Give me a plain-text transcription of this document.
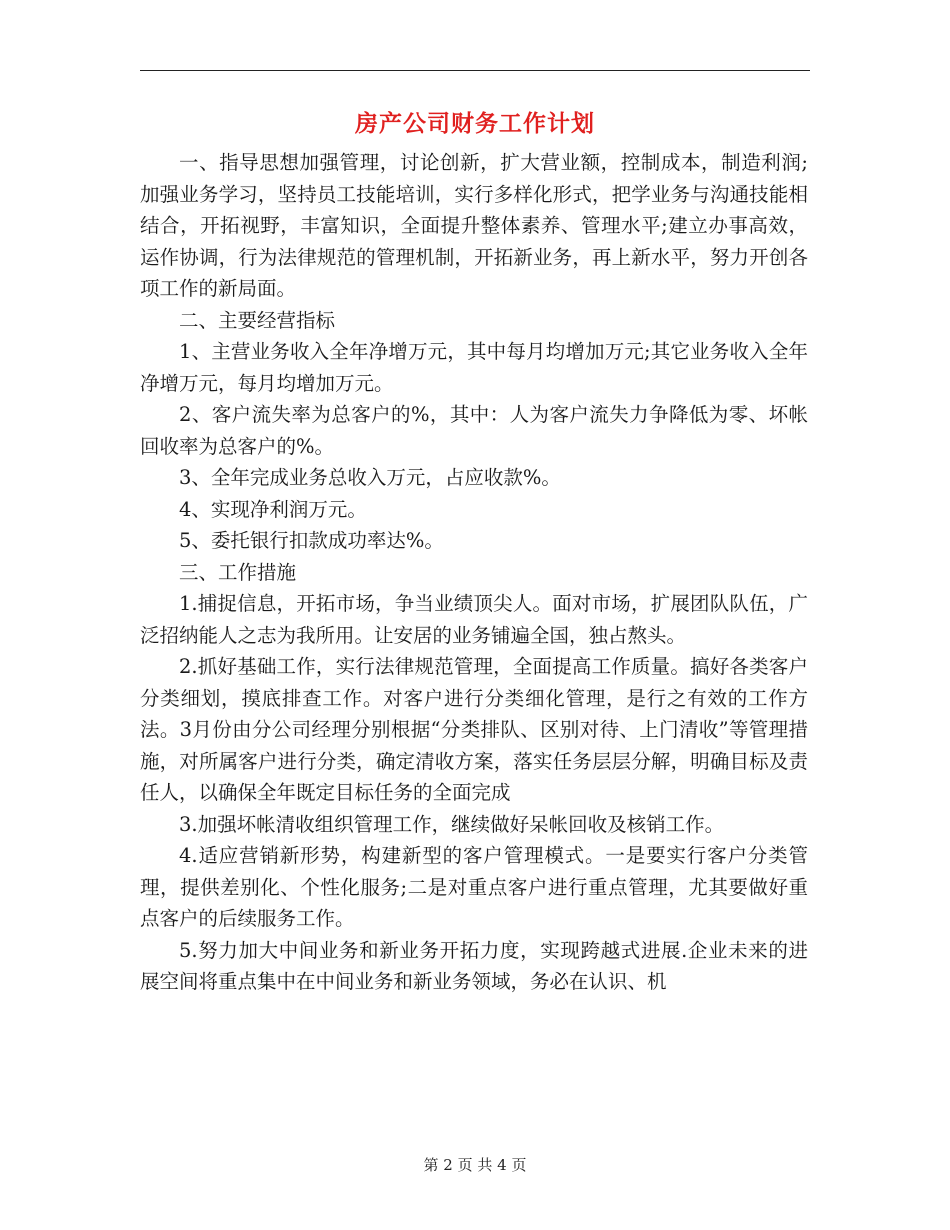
房产公司财务工作计划

一、指导思想加强管理，讨论创新，扩大营业额，控制成本，制造利润;加强业务学习，坚持员工技能培训，实行多样化形式，把学业务与沟通技能相结合，开拓视野，丰富知识，全面提升整体素养、管理水平;建立办事高效，运作协调，行为法律规范的管理机制，开拓新业务，再上新水平，努力开创各项工作的新局面。

二、主要经营指标

1、主营业务收入全年净增万元，其中每月均增加万元;其它业务收入全年净增万元，每月均增加万元。

2、客户流失率为总客户的%，其中：人为客户流失力争降低为零、坏帐回收率为总客户的%。

3、全年完成业务总收入万元，占应收款%。

4、实现净利润万元。

5、委托银行扣款成功率达%。

三、工作措施

1.捕捉信息，开拓市场，争当业绩顶尖人。面对市场，扩展团队队伍，广泛招纳能人之志为我所用。让安居的业务铺遍全国，独占熬头。

2.抓好基础工作，实行法律规范管理，全面提高工作质量。搞好各类客户分类细划，摸底排查工作。对客户进行分类细化管理，是行之有效的工作方法。3月份由分公司经理分别根据“分类排队、区别对待、上门清收”等管理措施，对所属客户进行分类，确定清收方案，落实任务层层分解，明确目标及责任人，以确保全年既定目标任务的全面完成

3.加强坏帐清收组织管理工作，继续做好呆帐回收及核销工作。

4.适应营销新形势，构建新型的客户管理模式。一是要实行客户分类管理，提供差别化、个性化服务;二是对重点客户进行重点管理，尤其要做好重点客户的后续服务工作。

5.努力加大中间业务和新业务开拓力度，实现跨越式进展.企业未来的进展空间将重点集中在中间业务和新业务领域，务必在认识、机

第 2 页 共 4 页
